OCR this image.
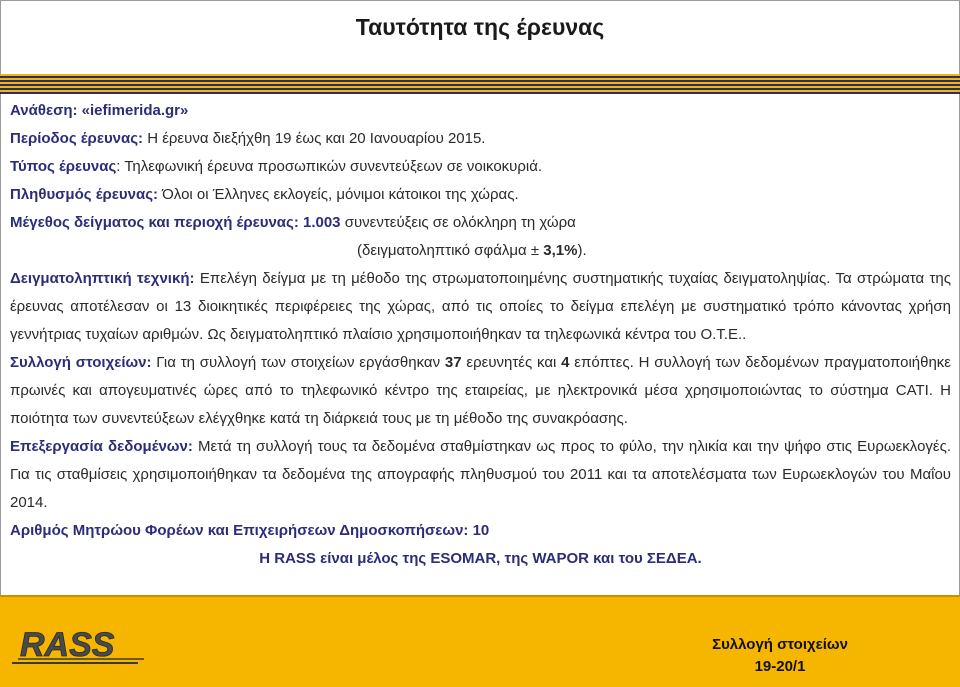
Ταυτότητα της έρευνας
Ανάθεση: «iefimerida.gr»
Περίοδος έρευνας: Η έρευνα διεξήχθη 19 έως και 20 Ιανουαρίου 2015.
Τύπος έρευνας: Τηλεφωνική έρευνα προσωπικών συνεντεύξεων σε νοικοκυριά.
Πληθυσμός έρευνας: Όλοι οι Έλληνες εκλογείς, μόνιμοι κάτοικοι της χώρας.
Μέγεθος δείγματος και περιοχή έρευνας: 1.003 συνεντεύξεις σε ολόκληρη τη χώρα
(δειγματοληπτικό σφάλμα ± 3,1%).
Δειγματοληπτική τεχνική: Επελέγη δείγμα με τη μέθοδο της στρωματοποιημένης συστηματικής τυχαίας δειγματοληψίας. Τα στρώματα της έρευνας αποτέλεσαν οι 13 διοικητικές περιφέρειες της χώρας, από τις οποίες το δείγμα επελέγη με συστηματικό τρόπο κάνοντας χρήση γεννήτριας τυχαίων αριθμών. Ως δειγματοληπτικό πλαίσιο χρησιμοποιήθηκαν τα τηλεφωνικά κέντρα του Ο.Τ.Ε..
Συλλογή στοιχείων: Για τη συλλογή των στοιχείων εργάσθηκαν 37 ερευνητές και 4 επόπτες. Η συλλογή των δεδομένων πραγματοποιήθηκε πρωινές και απογευματινές ώρες από το τηλεφωνικό κέντρο της εταιρείας, με ηλεκτρονικά μέσα χρησιμοποιώντας το σύστημα CATI. Η ποιότητα των συνεντεύξεων ελέγχθηκε κατά τη διάρκειά τους με τη μέθοδο της συνακρόασης.
Επεξεργασία δεδομένων: Μετά τη συλλογή τους τα δεδομένα σταθμίστηκαν ως προς το φύλο, την ηλικία και την ψήφο στις Ευρωεκλογές. Για τις σταθμίσεις χρησιμοποιήθηκαν τα δεδομένα της απογραφής πληθυσμού του 2011 και τα αποτελέσματα των Ευρωεκλογών του Μαΐου 2014.
Αριθμός Μητρώου Φορέων και Επιχειρήσεων Δημοσκοπήσεων: 10
Η RASS είναι μέλος της ESOMAR, της WAPOR και του ΣΕΔΕΑ.
RASS	Συλλογή στοιχείων
19-20/1
